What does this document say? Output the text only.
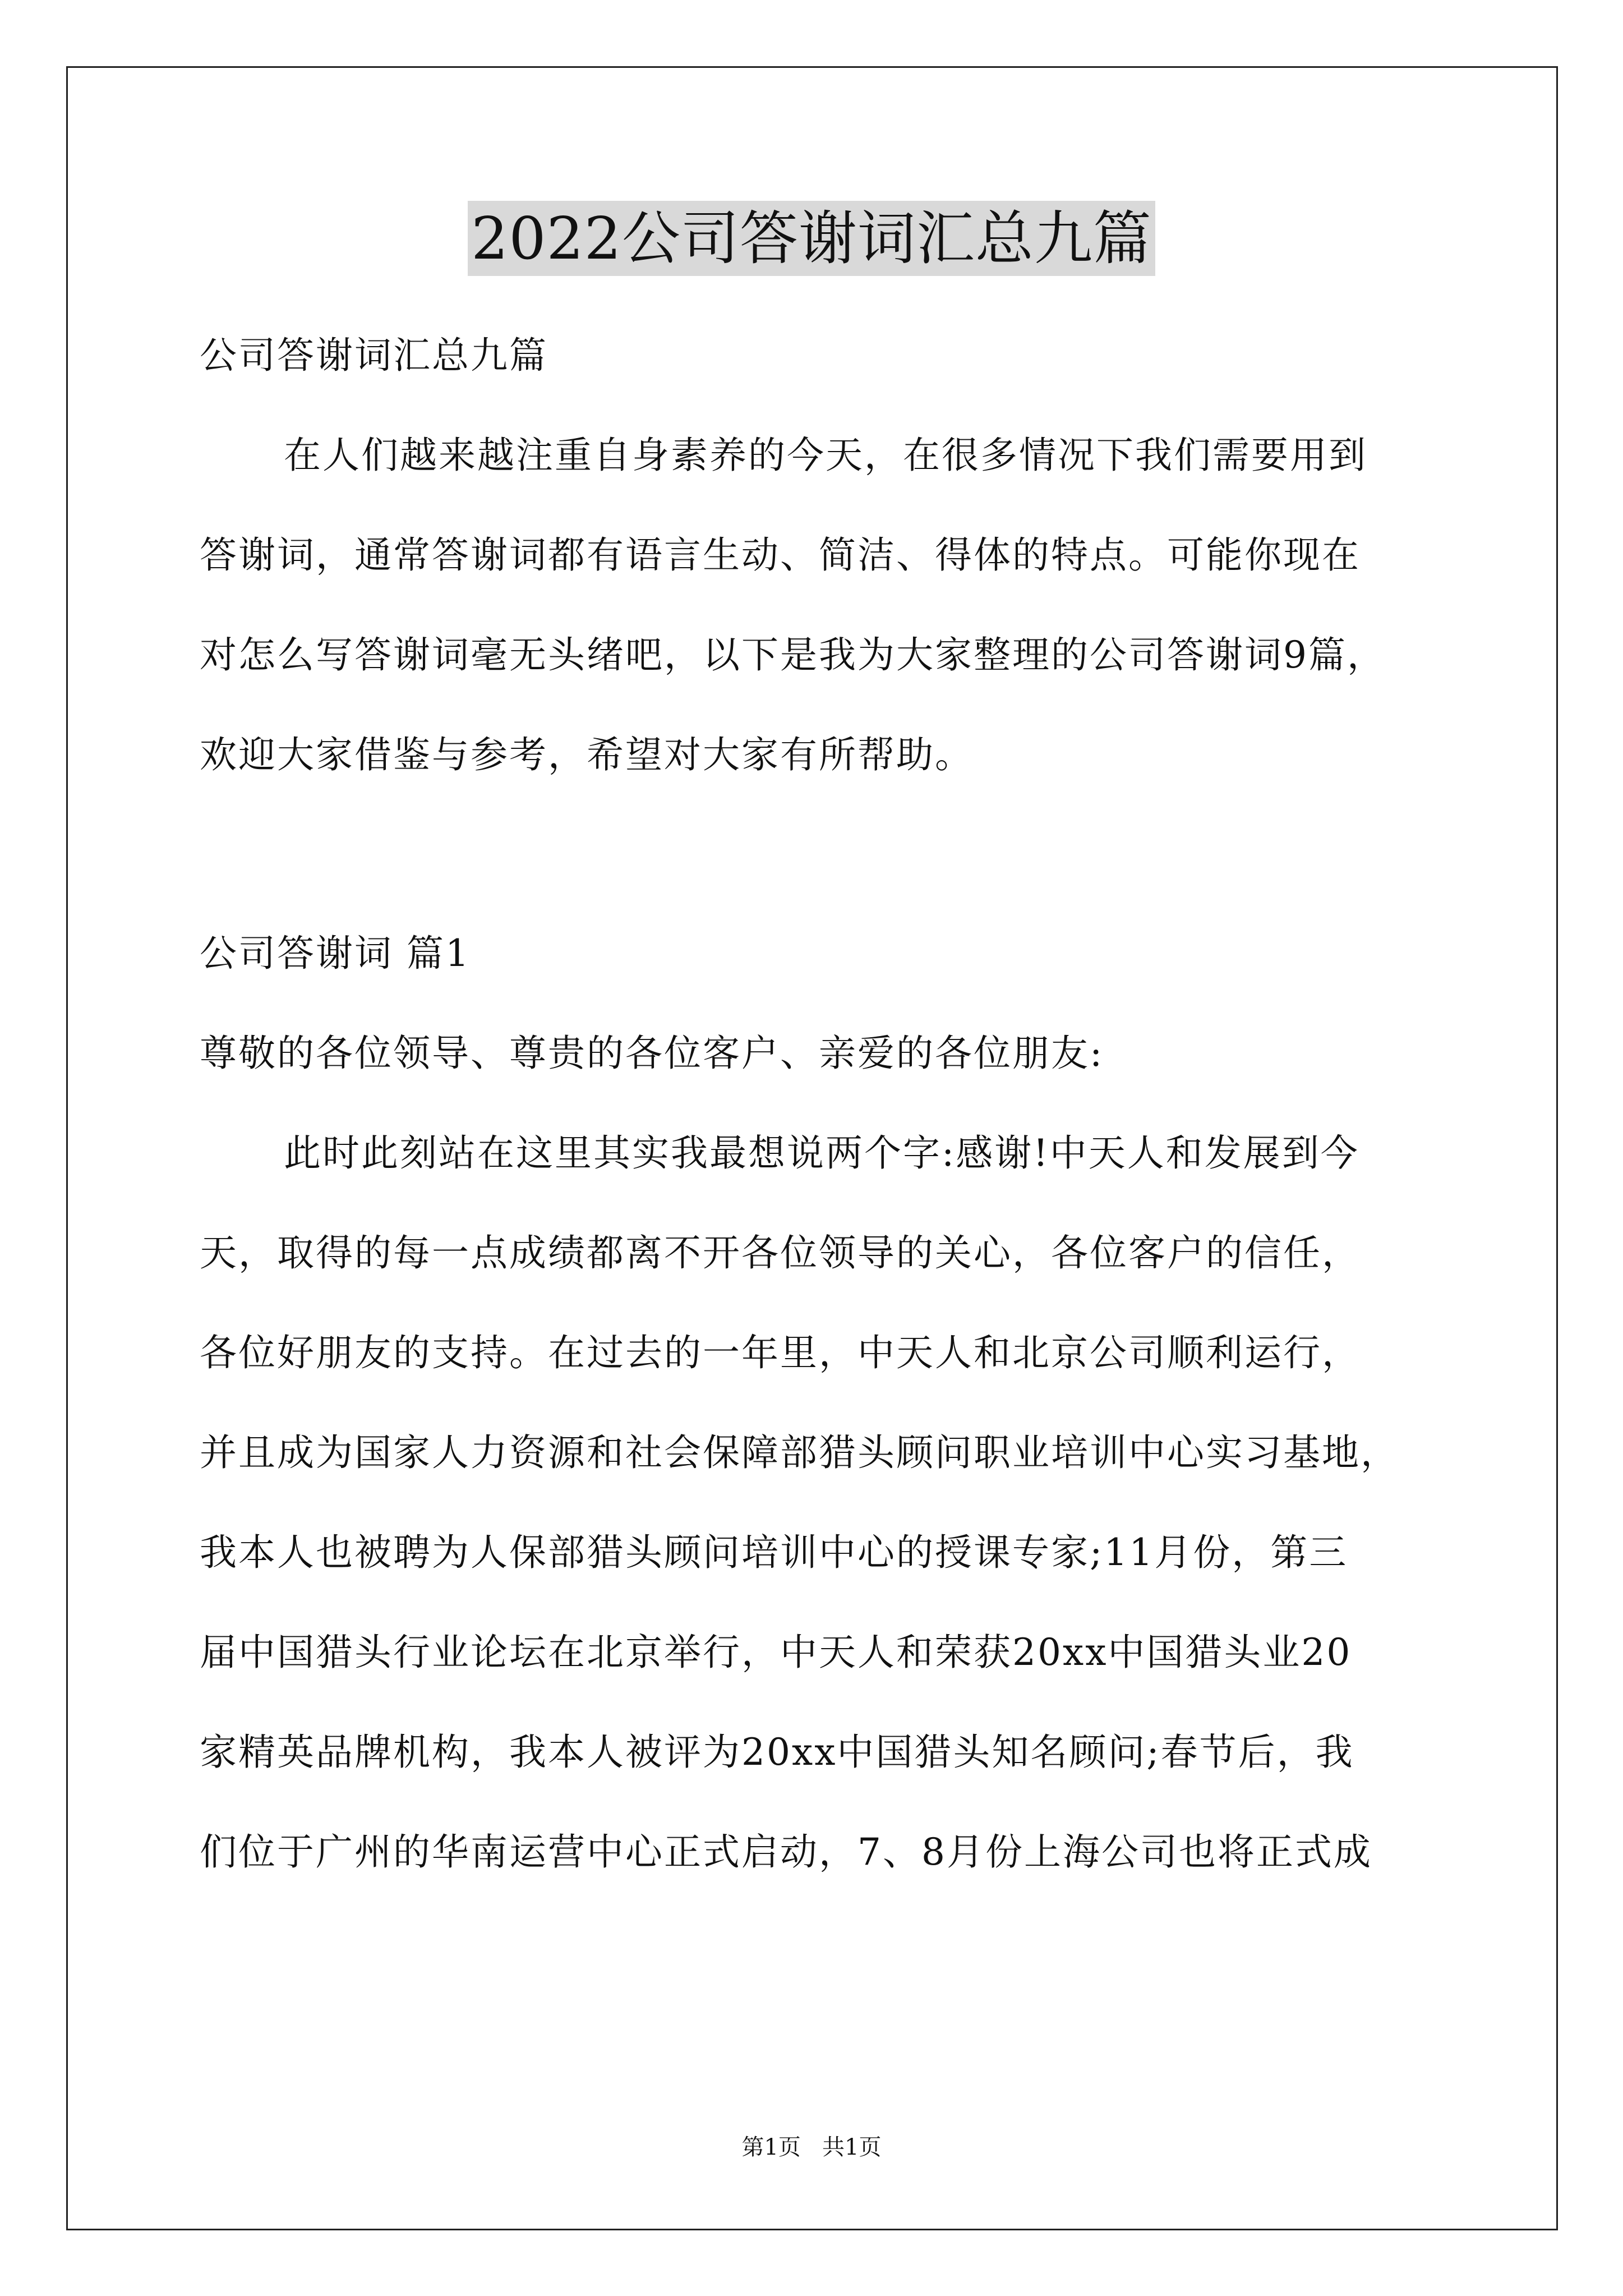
2022公司答谢词汇总九篇
公司答谢词汇总九篇
在人们越来越注重自身素养的今天，在很多情况下我们需要用到
答谢词，通常答谢词都有语言生动、简洁、得体的特点。可能你现在
对怎么写答谢词毫无头绪吧，以下是我为大家整理的公司答谢词9篇，
欢迎大家借鉴与参考，希望对大家有所帮助。
公司答谢词 篇1
尊敬的各位领导、尊贵的各位客户、亲爱的各位朋友:
此时此刻站在这里其实我最想说两个字:感谢!中天人和发展到今
天，取得的每一点成绩都离不开各位领导的关心，各位客户的信任，
各位好朋友的支持。在过去的一年里，中天人和北京公司顺利运行，
并且成为国家人力资源和社会保障部猎头顾问职业培训中心实习基地，
我本人也被聘为人保部猎头顾问培训中心的授课专家;11月份，第三
届中国猎头行业论坛在北京举行，中天人和荣获20xx中国猎头业20
家精英品牌机构，我本人被评为20xx中国猎头知名顾问;春节后，我
们位于广州的华南运营中心正式启动，7、8月份上海公司也将正式成
第1页   共1页
